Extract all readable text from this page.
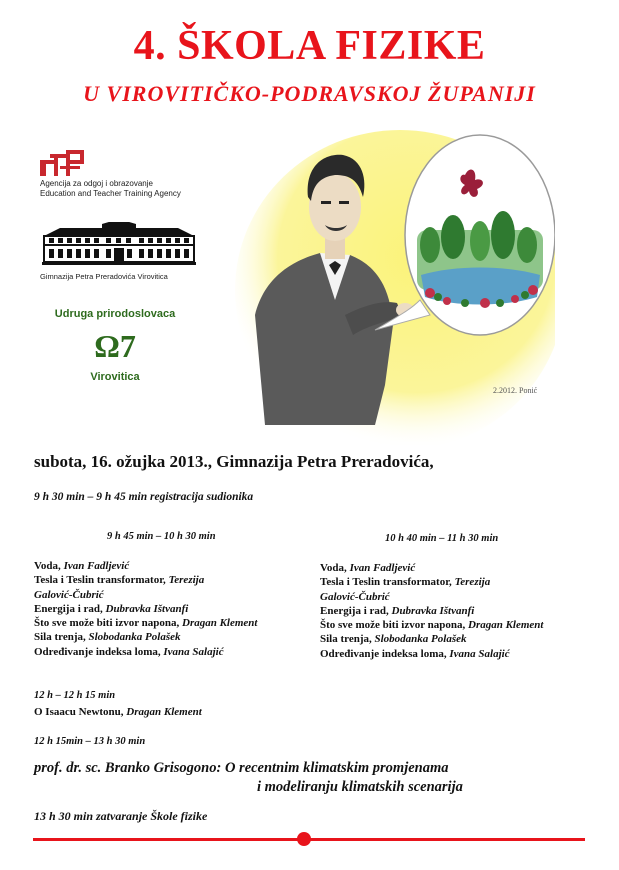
4. ŠKOLA FIZIKE
U VIROVITIČKO-PODRAVSKOJ ŽUPANIJI
Agencija za odgoj i obrazovanje
Education and Teacher Training Agency
Gimnazija Petra Preradovića Virovitica
Udruga prirodoslovaca
Ω7
Virovitica
2.2012. Ponić
subota, 16. ožujka 2013., Gimnazija Petra Preradovića,
9 h 30 min – 9 h 45 min registracija sudionika
9 h 45 min – 10 h 30 min
Voda, Ivan Fadljević
Tesla i Teslin transformator, Terezija
Galović-Čubrić
Energija i rad, Dubravka Ištvanfi
Što sve može biti izvor napona, Dragan Klement
Sila trenja, Slobodanka Polašek
Određivanje indeksa loma, Ivana Salajić
10 h 40 min – 11 h 30 min
Voda, Ivan Fadljević
Tesla i Teslin transformator, Terezija
Galović-Čubrić
Energija i rad, Dubravka Ištvanfi
Što sve može biti izvor napona, Dragan Klement
Sila trenja, Slobodanka Polašek
Određivanje indeksa loma, Ivana Salajić
12 h – 12 h 15 min
O Isaacu Newtonu, Dragan Klement
12 h 15min – 13 h 30 min
prof. dr. sc. Branko Grisogono: O recentnim klimatskim promjenama
i modeliranju klimatskih scenarija
13 h 30 min zatvaranje Škole fizike
